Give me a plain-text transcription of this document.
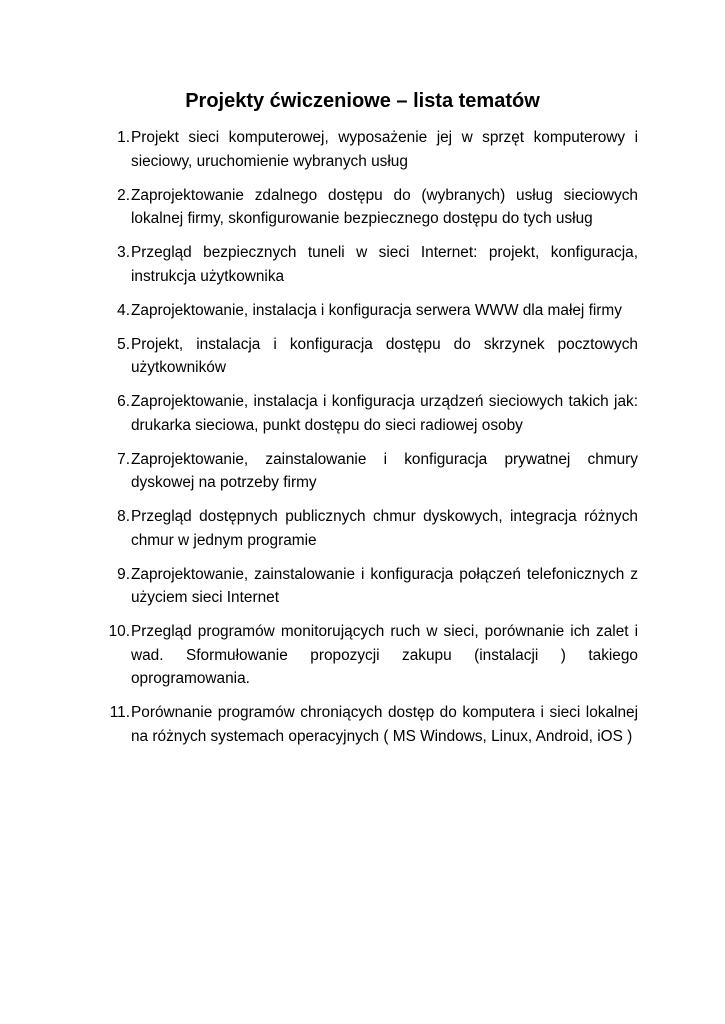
Projekty ćwiczeniowe – lista tematów
1. Projekt sieci komputerowej, wyposażenie jej w sprzęt komputerowy i sieciowy, uruchomienie wybranych usług
2. Zaprojektowanie zdalnego dostępu do (wybranych) usług sieciowych lokalnej firmy, skonfigurowanie bezpiecznego dostępu do tych usług
3. Przegląd bezpiecznych tuneli w sieci Internet: projekt, konfiguracja, instrukcja użytkownika
4. Zaprojektowanie, instalacja i konfiguracja serwera WWW dla małej firmy
5. Projekt, instalacja i konfiguracja dostępu do skrzynek pocztowych użytkowników
6. Zaprojektowanie, instalacja i konfiguracja urządzeń sieciowych takich jak: drukarka sieciowa, punkt dostępu do sieci radiowej osoby
7. Zaprojektowanie, zainstalowanie i konfiguracja prywatnej chmury dyskowej na potrzeby firmy
8. Przegląd dostępnych publicznych chmur dyskowych, integracja różnych chmur w jednym programie
9. Zaprojektowanie, zainstalowanie i konfiguracja połączeń telefonicznych z użyciem sieci Internet
10. Przegląd programów monitorujących ruch w sieci, porównanie ich zalet i wad. Sformułowanie propozycji zakupu (instalacji ) takiego oprogramowania.
11. Porównanie programów chroniących dostęp do komputera i sieci lokalnej na różnych systemach operacyjnych ( MS Windows, Linux, Android, iOS )
